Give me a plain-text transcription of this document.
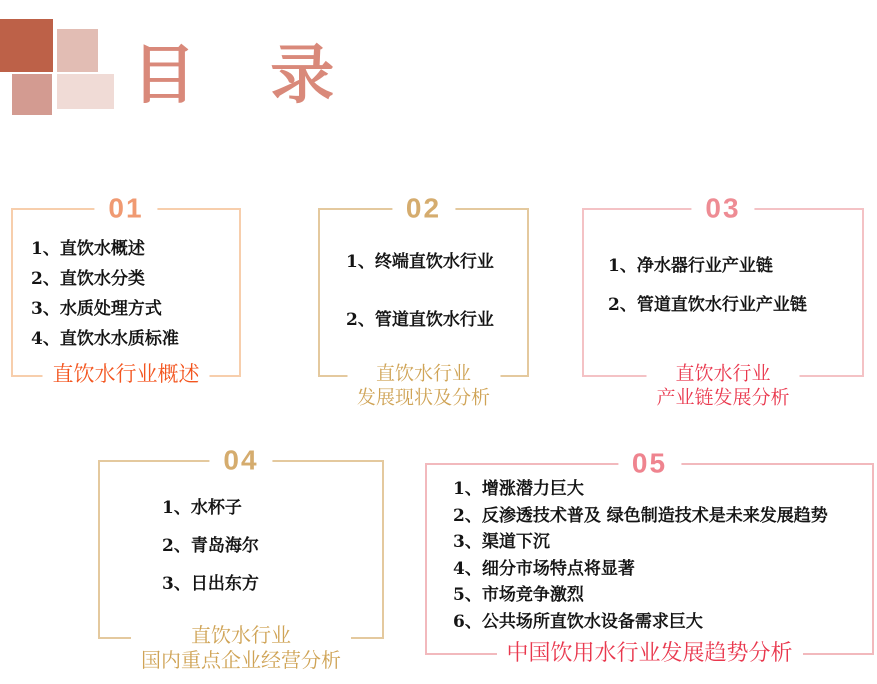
目 录
01
1、直饮水概述
2、直饮水分类
3、水质处理方式
4、直饮水水质标准
直饮水行业概述
02
1、终端直饮水行业
2、管道直饮水行业
直饮水行业
发展现状及分析
03
1、净水器行业产业链
2、管道直饮水行业产业链
直饮水行业
产业链发展分析
04
1、水杯子
2、青岛海尔
3、日出东方
直饮水行业
国内重点企业经营分析
05
1、增涨潜力巨大
2、反渗透技术普及 绿色制造技术是未来发展趋势
3、渠道下沉
4、细分市场特点将显著
5、市场竞争激烈
6、公共场所直饮水设备需求巨大
中国饮用水行业发展趋势分析
